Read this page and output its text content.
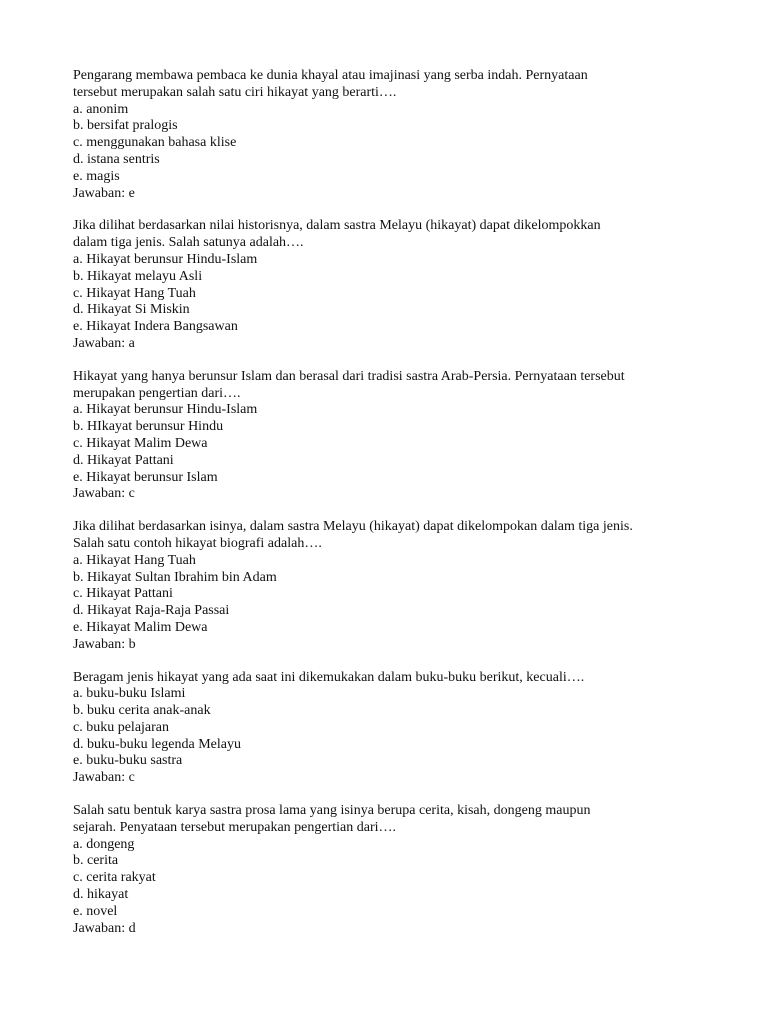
Pengarang membawa pembaca ke dunia khayal atau imajinasi yang serba indah. Pernyataan

tersebut merupakan salah satu ciri hikayat yang berarti….

a. anonim

b. bersifat pralogis

c. menggunakan bahasa klise

d. istana sentris

e. magis

Jawaban: e

Jika dilihat berdasarkan nilai historisnya, dalam sastra Melayu (hikayat) dapat dikelompokkan

dalam tiga jenis. Salah satunya adalah….

a. Hikayat berunsur Hindu-Islam

b. Hikayat melayu Asli

c. Hikayat Hang Tuah

d. Hikayat Si Miskin

e. Hikayat Indera Bangsawan

Jawaban: a

Hikayat yang hanya berunsur Islam dan berasal dari tradisi sastra Arab-Persia. Pernyataan tersebut

merupakan pengertian dari….

a. Hikayat berunsur Hindu-Islam

b. HIkayat berunsur Hindu

c. Hikayat Malim Dewa

d. Hikayat Pattani

e. Hikayat berunsur Islam

Jawaban: c

Jika dilihat berdasarkan isinya, dalam sastra Melayu (hikayat) dapat dikelompokan dalam tiga jenis.

Salah satu contoh hikayat biografi adalah….

a. Hikayat Hang Tuah

b. Hikayat Sultan Ibrahim bin Adam

c. Hikayat Pattani

d. Hikayat Raja-Raja Passai

e. Hikayat Malim Dewa

Jawaban: b

Beragam jenis hikayat yang ada saat ini dikemukakan dalam buku-buku berikut, kecuali….

a. buku-buku Islami

b. buku cerita anak-anak

c. buku pelajaran

d. buku-buku legenda Melayu

e. buku-buku sastra

Jawaban: c

Salah satu bentuk karya sastra prosa lama yang isinya berupa cerita, kisah, dongeng maupun

sejarah. Penyataan tersebut merupakan pengertian dari….

a. dongeng

b. cerita

c. cerita rakyat

d. hikayat

e. novel

Jawaban: d
